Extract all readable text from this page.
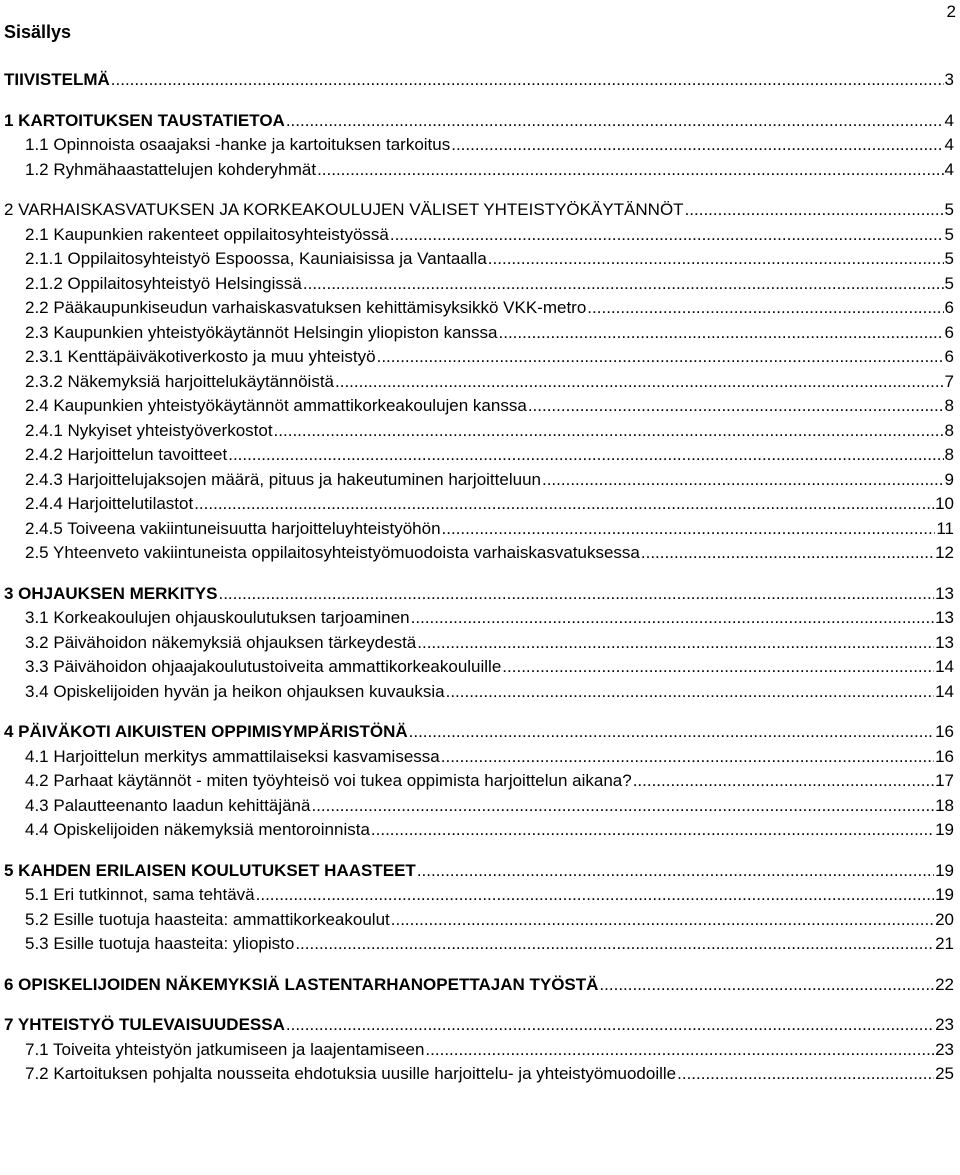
2
Sisällys
TIIVISTELMÄ .....	3
1 KARTOITUKSEN TAUSTATIETOA .....	4
1.1 Opinnoista osaajaksi -hanke ja kartoituksen tarkoitus .....	4
1.2 Ryhmähaastattelujen kohderyhmät .....	4
2 VARHAISKASVATUKSEN JA KORKEAKOULUJEN VÄLISET YHTEISTYÖKÄYTÄNNÖT .....	5
2.1 Kaupunkien rakenteet oppilaitosyhteistyössä .....	5
2.1.1 Oppilaitosyhteistyö Espoossa, Kauniaisissa ja Vantaalla .....	5
2.1.2 Oppilaitosyhteistyö Helsingissä .....	5
2.2 Pääkaupunkiseudun varhaiskasvatuksen kehittämisyksikkö VKK-metro .....	6
2.3 Kaupunkien yhteistyökäytännöt Helsingin yliopiston kanssa .....	6
2.3.1 Kenttäpäiväkotiverkosto ja muu yhteistyö .....	6
2.3.2 Näkemyksiä harjoittelukäytännöistä .....	7
2.4 Kaupunkien yhteistyökäytännöt ammattikorkeakoulujen kanssa .....	8
2.4.1 Nykyiset yhteistyöverkostot .....	8
2.4.2 Harjoittelun tavoitteet .....	8
2.4.3 Harjoittelujaksojen määrä, pituus ja hakeutuminen harjoitteluun .....	9
2.4.4 Harjoittelutilastot .....	10
2.4.5 Toiveena vakiintuneisuutta harjoitteluyhteistyöhön .....	11
2.5 Yhteenveto vakiintuneista oppilaitosyhteistyömuodoista varhaiskasvatuksessa .....	12
3 OHJAUKSEN MERKITYS .....	13
3.1 Korkeakoulujen ohjauskoulutuksen tarjoaminen .....	13
3.2 Päivähoidon näkemyksiä ohjauksen tärkeydestä .....	13
3.3 Päivähoidon ohjaajakoulutustoiveita ammattikorkeakouluille .....	14
3.4 Opiskelijoiden hyvän ja heikon ohjauksen kuvauksia .....	14
4 PÄIVÄKOTI AIKUISTEN OPPIMISYMPÄRISTÖNÄ .....	16
4.1 Harjoittelun merkitys ammattilaiseksi kasvamisessa .....	16
4.2 Parhaat käytännöt - miten työyhteisö voi tukea oppimista harjoittelun aikana? .....	17
4.3 Palautteenanto laadun kehittäjänä .....	18
4.4 Opiskelijoiden näkemyksiä mentoroinnista .....	19
5 KAHDEN ERILAISEN KOULUTUKSET HAASTEET .....	19
5.1 Eri tutkinnot, sama tehtävä .....	19
5.2 Esille tuotuja haasteita: ammattikorkeakoulut .....	20
5.3 Esille tuotuja haasteita: yliopisto .....	21
6 OPISKELIJOIDEN NÄKEMYKSIÄ LASTENTARHANOPETTAJAN TYÖSTÄ .....	22
7 YHTEISTYÖ TULEVAISUUDESSA .....	23
7.1 Toiveita yhteistyön jatkumiseen ja laajentamiseen .....	23
7.2 Kartoituksen pohjalta nousseita ehdotuksia uusille harjoittelu- ja yhteistyömuodoille .....	25
